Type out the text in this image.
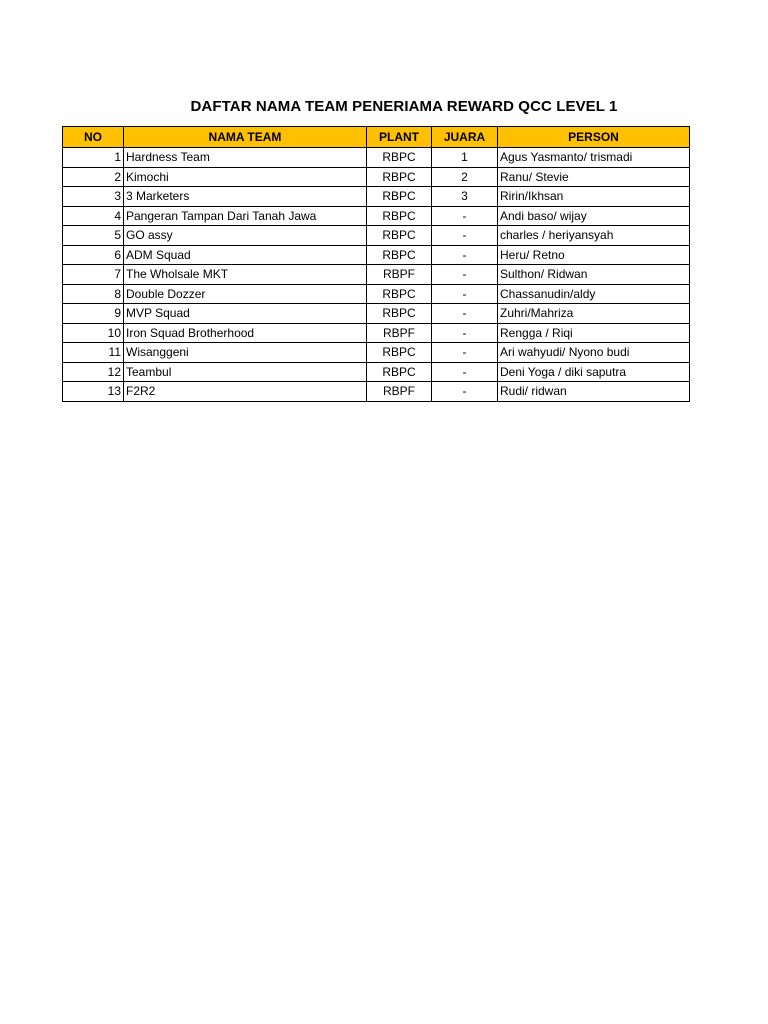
DAFTAR NAMA TEAM PENERIAMA REWARD QCC LEVEL 1
NO	NAMA TEAM	PLANT	JUARA	PERSON
1	Hardness Team	RBPC	1	Agus Yasmanto/ trismadi
2	Kimochi	RBPC	2	Ranu/ Stevie
3	3 Marketers	RBPC	3	Ririn/Ikhsan
4	Pangeran Tampan Dari Tanah Jawa	RBPC	-	Andi baso/ wijay
5	GO assy	RBPC	-	charles / heriyansyah
6	ADM Squad	RBPC	-	Heru/ Retno
7	The Wholsale MKT	RBPF	-	Sulthon/ Ridwan
8	Double Dozzer	RBPC	-	Chassanudin/aldy
9	MVP Squad	RBPC	-	Zuhri/Mahriza
10	Iron Squad Brotherhood	RBPF	-	Rengga / Riqi
11	Wisanggeni	RBPC	-	Ari wahyudi/ Nyono budi
12	Teambul	RBPC	-	Deni Yoga / diki saputra
13	F2R2	RBPF	-	Rudi/ ridwan
